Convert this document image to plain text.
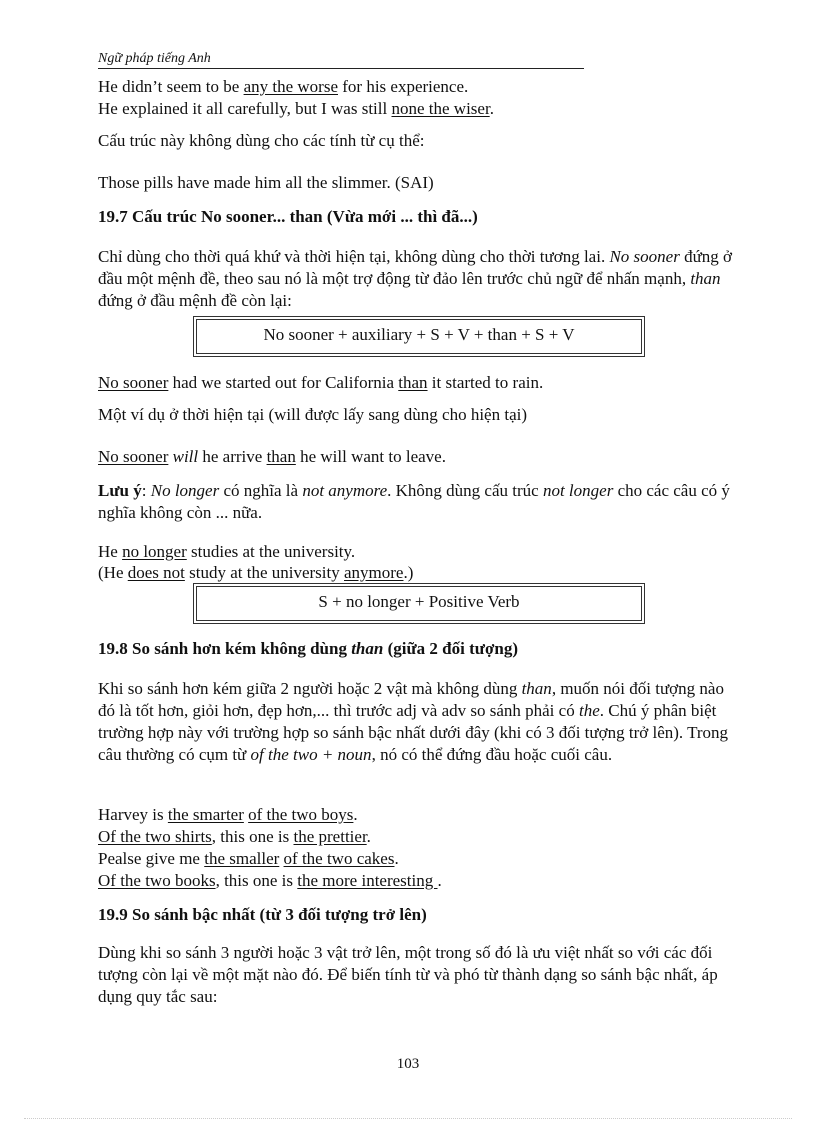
Ngữ pháp tiếng Anh
He didn’t seem to be any the worse for his experience.
He explained it all carefully, but I was still none the wiser.
Cấu trúc này không dùng cho các tính từ cụ thể:
Those pills have made him all the slimmer. (SAI)
19.7 Cấu trúc No sooner... than (Vừa mới ... thì đã...)
Chỉ dùng cho thời quá khứ và thời hiện tại, không dùng cho thời tương lai. No sooner đứng ở đầu một mệnh đề, theo sau nó là một trợ động từ đảo lên trước chủ ngữ để nhấn mạnh, than đứng ở đầu mệnh đề còn lại:
No sooner + auxiliary + S + V + than + S + V
No sooner had we started out for California than it started to rain.
Một ví dụ ở thời hiện tại (will được lấy sang dùng cho hiện tại)
No sooner will he arrive than he will want to leave.
Lưu ý: No longer có nghĩa là not anymore. Không dùng cấu trúc not longer cho các câu có ý nghĩa không còn ... nữa.
He no longer studies at the university.
(He does not study at the university anymore.)
S + no longer + Positive Verb
19.8 So sánh hơn kém không dùng than (giữa 2 đối tượng)
Khi so sánh hơn kém giữa 2 người hoặc 2 vật mà không dùng than, muốn nói đối tượng nào đó là tốt hơn, giỏi hơn, đẹp hơn,... thì trước adj và adv so sánh phải có the. Chú ý phân biệt trường hợp này với trường hợp so sánh bậc nhất dưới đây (khi có 3 đối tượng trở lên). Trong câu thường có cụm từ of the two + noun, nó có thể đứng đầu hoặc cuối câu.
Harvey is the smarter of the two boys.
Of the two shirts, this one is the prettier.
Pealse give me the smaller of the two cakes.
Of the two books, this one is the more interesting .
19.9 So sánh bậc nhất (từ 3 đối tượng trở lên)
Dùng khi so sánh 3 người hoặc 3 vật trở lên, một trong số đó là ưu việt nhất so với các đối tượng còn lại về một mặt nào đó. Để biến tính từ và phó từ thành dạng so sánh bậc nhất, áp dụng quy tắc sau:
103
